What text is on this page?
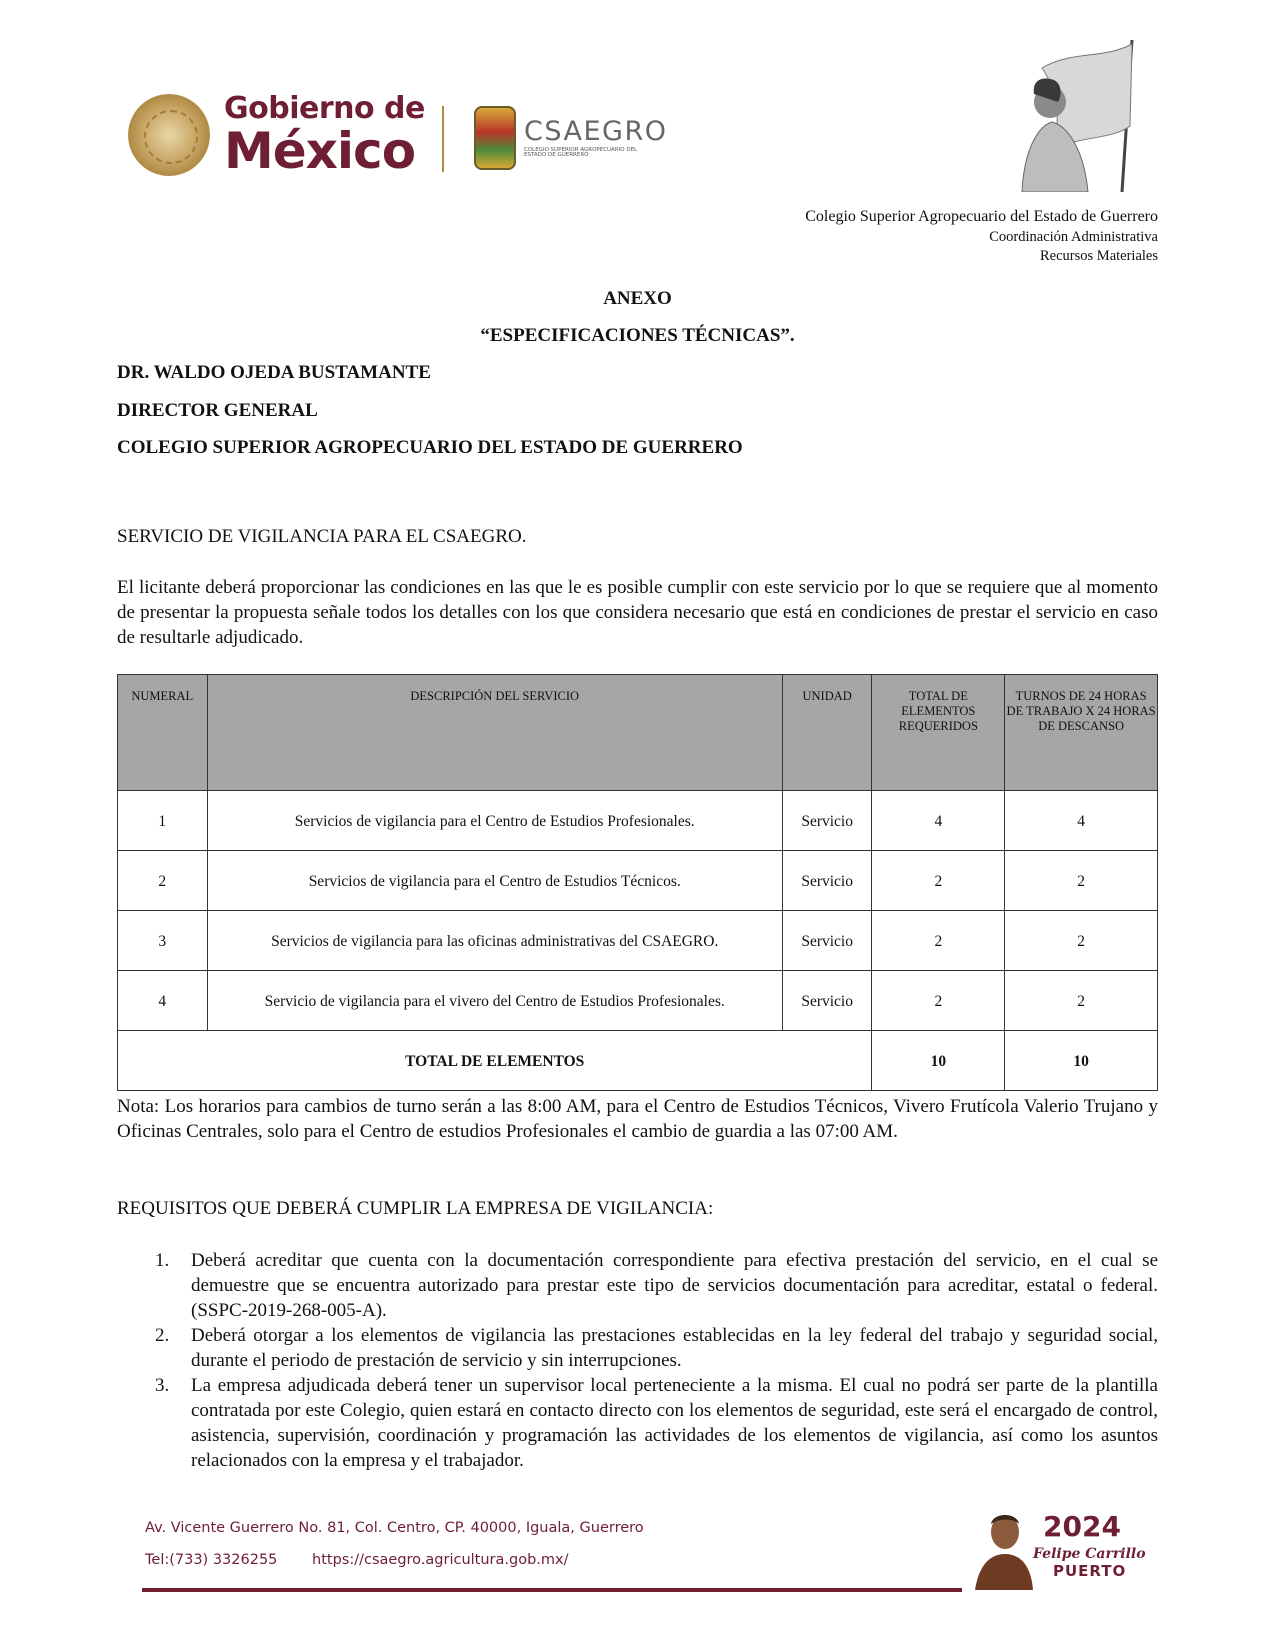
Gobierno de
México	CSAEGRO
COLEGIO SUPERIOR AGROPECUARIO DEL ESTADO DE GUERRERO
Colegio Superior Agropecuario del Estado de Guerrero
Coordinación Administrativa
Recursos Materiales
ANEXO
“ESPECIFICACIONES TÉCNICAS”.
DR. WALDO OJEDA BUSTAMANTE
DIRECTOR GENERAL
COLEGIO SUPERIOR AGROPECUARIO DEL ESTADO DE GUERRERO
SERVICIO DE VIGILANCIA PARA EL CSAEGRO.
El licitante deberá proporcionar las condiciones en las que le es posible cumplir con este servicio por lo que se requiere que al momento de presentar la propuesta señale todos los detalles con los que considera necesario que está en condiciones de prestar el servicio en caso de resultarle adjudicado.
NUMERAL	DESCRIPCIÓN DEL SERVICIO	UNIDAD	TOTAL DE ELEMENTOS REQUERIDOS	TURNOS DE 24 HORAS DE TRABAJO X 24 HORAS DE DESCANSO
1	Servicios de vigilancia para el Centro de Estudios Profesionales.	Servicio	4	4
2	Servicios de vigilancia para el Centro de Estudios Técnicos.	Servicio	2	2
3	Servicios de vigilancia para las oficinas administrativas del CSAEGRO.	Servicio	2	2
4	Servicio de vigilancia para el vivero del Centro de Estudios Profesionales.	Servicio	2	2
TOTAL DE ELEMENTOS			10	10
Nota: Los horarios para cambios de turno serán a las 8:00 AM, para el Centro de Estudios Técnicos, Vivero Frutícola Valerio Trujano y Oficinas Centrales, solo para el Centro de estudios Profesionales el cambio de guardia a las 07:00 AM.
REQUISITOS QUE DEBERÁ CUMPLIR LA EMPRESA DE VIGILANCIA:
1. Deberá acreditar que cuenta con la documentación correspondiente para efectiva prestación del servicio, en el cual se demuestre que se encuentra autorizado para prestar este tipo de servicios documentación para acreditar, estatal o federal. (SSPC-2019-268-005-A).
2. Deberá otorgar a los elementos de vigilancia las prestaciones establecidas en la ley federal del trabajo y seguridad social, durante el periodo de prestación de servicio y sin interrupciones.
3. La empresa adjudicada deberá tener un supervisor local perteneciente a la misma. El cual no podrá ser parte de la plantilla contratada por este Colegio, quien estará en contacto directo con los elementos de seguridad, este será el encargado de control, asistencia, supervisión, coordinación y programación las actividades de los elementos de vigilancia, así como los asuntos relacionados con la empresa y el trabajador.
Av. Vicente Guerrero No. 81, Col. Centro, CP. 40000, Iguala, Guerrero
Tel:(733) 3326255 https://csaegro.agricultura.gob.mx/
2024
Felipe Carrillo
PUERTO
